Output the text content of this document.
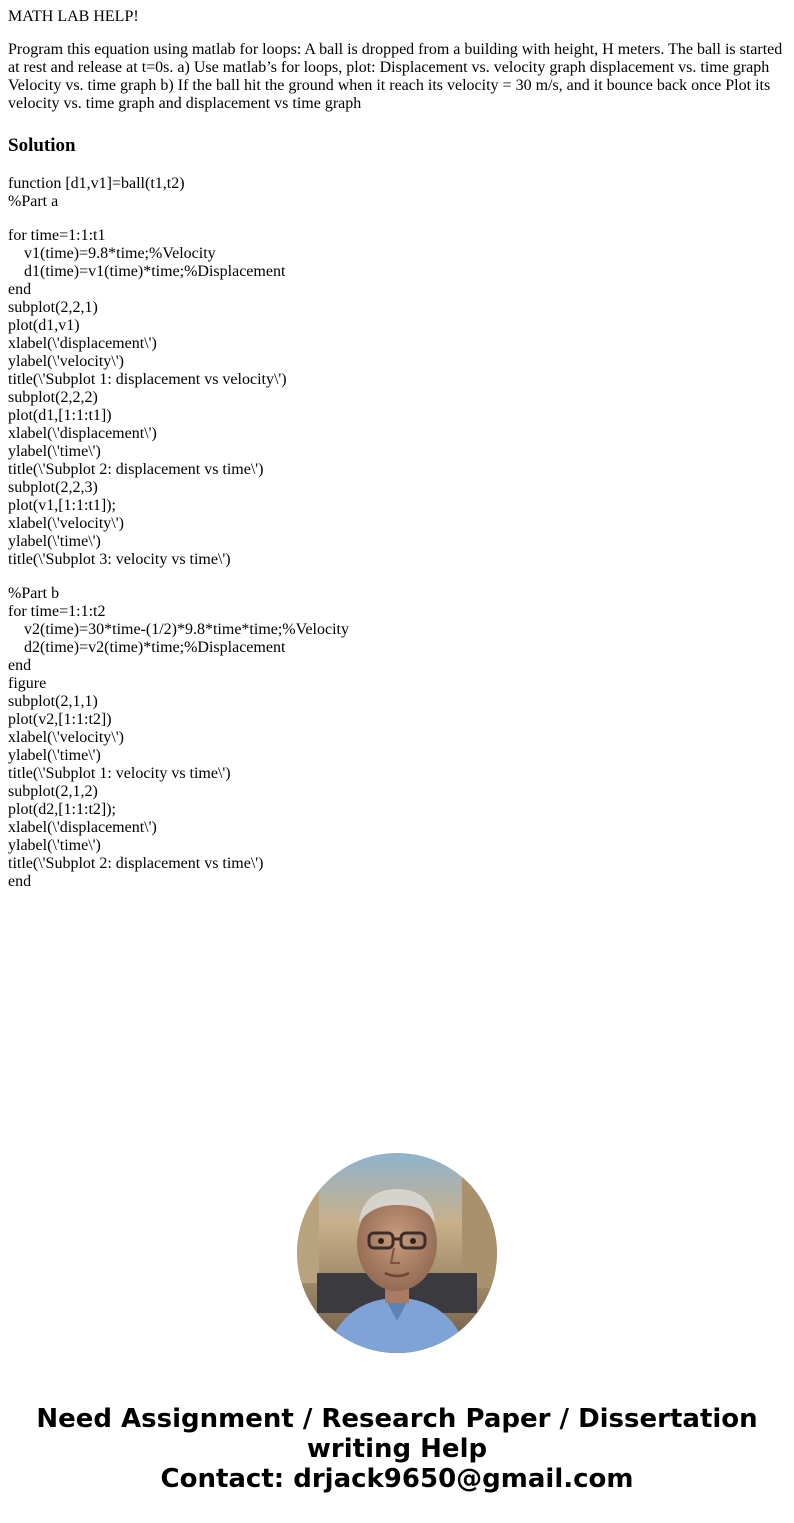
MATH LAB HELP!

Program this equation using matlab for loops: A ball is dropped from a building with height, H meters. The ball is started at rest and release at t=0s. a) Use matlab’s for loops, plot: Displacement vs. velocity graph displacement vs. time graph Velocity vs. time graph b) If the ball hit the ground when it reach its velocity = 30 m/s, and it bounce back once Plot its velocity vs. time graph and displacement vs time graph

Solution
function [d1,v1]=ball(t1,t2)
%Part a
for time=1:1:t1
v1(time)=9.8*time;%Velocity
d1(time)=v1(time)*time;%Displacement
end
subplot(2,2,1)
plot(d1,v1)
xlabel(\'displacement\')
ylabel(\'velocity\')
title(\'Subplot 1: displacement vs velocity\')
subplot(2,2,2)
plot(d1,[1:1:t1])
xlabel(\'displacement\')
ylabel(\'time\')
title(\'Subplot 2: displacement vs time\')
subplot(2,2,3)
plot(v1,[1:1:t1]);
xlabel(\'velocity\')
ylabel(\'time\')
title(\'Subplot 3: velocity vs time\')
%Part b
for time=1:1:t2
v2(time)=30*time-(1/2)*9.8*time*time;%Velocity
d2(time)=v2(time)*time;%Displacement
end
figure
subplot(2,1,1)
plot(v2,[1:1:t2])
xlabel(\'velocity\')
ylabel(\'time\')
title(\'Subplot 1: velocity vs time\')
subplot(2,1,2)
plot(d2,[1:1:t2]);
xlabel(\'displacement\')
ylabel(\'time\')
title(\'Subplot 2: displacement vs time\')
end
Need Assignment / Research Paper / Dissertation
writing Help
Contact: drjack9650@gmail.com
